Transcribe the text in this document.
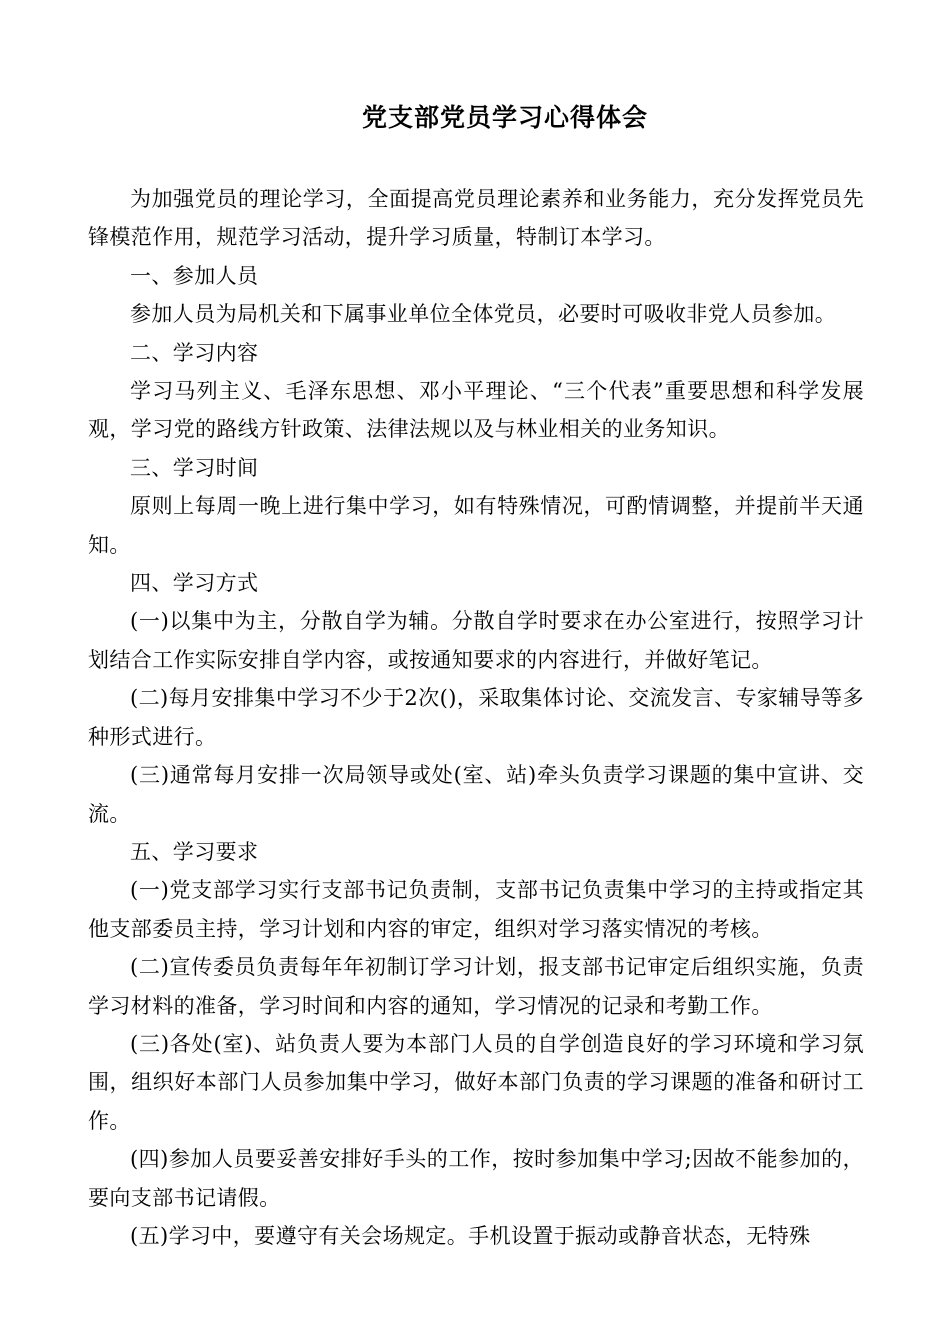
党支部党员学习心得体会

为加强党员的理论学习，全面提高党员理论素养和业务能力，充分发挥党员先锋模范作用，规范学习活动，提升学习质量，特制订本学习。

一、参加人员

参加人员为局机关和下属事业单位全体党员，必要时可吸收非党人员参加。

二、学习内容

学习马列主义、毛泽东思想、邓小平理论、“三个代表”重要思想和科学发展观，学习党的路线方针政策、法律法规以及与林业相关的业务知识。

三、学习时间

原则上每周一晚上进行集中学习，如有特殊情况，可酌情调整，并提前半天通知。

四、学习方式

(一)以集中为主，分散自学为辅。分散自学时要求在办公室进行，按照学习计划结合工作实际安排自学内容，或按通知要求的内容进行，并做好笔记。

(二)每月安排集中学习不少于2次()，采取集体讨论、交流发言、专家辅导等多种形式进行。

(三)通常每月安排一次局领导或处(室、站)牵头负责学习课题的集中宣讲、交流。

五、学习要求

(一)党支部学习实行支部书记负责制，支部书记负责集中学习的主持或指定其他支部委员主持，学习计划和内容的审定，组织对学习落实情况的考核。

(二)宣传委员负责每年年初制订学习计划，报支部书记审定后组织实施，负责学习材料的准备，学习时间和内容的通知，学习情况的记录和考勤工作。

(三)各处(室)、站负责人要为本部门人员的自学创造良好的学习环境和学习氛围，组织好本部门人员参加集中学习，做好本部门负责的学习课题的准备和研讨工作。

(四)参加人员要妥善安排好手头的工作，按时参加集中学习;因故不能参加的，要向支部书记请假。

(五)学习中，要遵守有关会场规定。手机设置于振动或静音状态，无特殊
